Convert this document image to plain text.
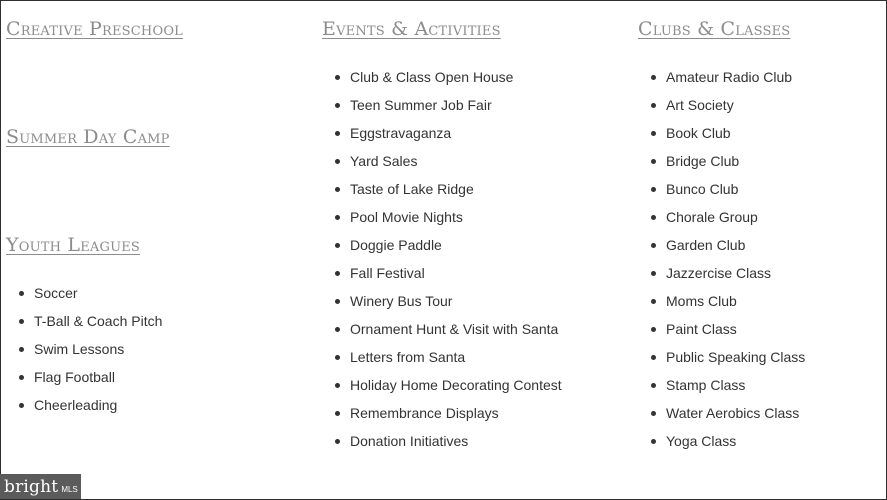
Creative Preschool
Summer Day Camp
Youth Leagues
Soccer
T-Ball & Coach Pitch
Swim Lessons
Flag Football
Cheerleading
Events & Activities
Club & Class Open House
Teen Summer Job Fair
Eggstravaganza
Yard Sales
Taste of Lake Ridge
Pool Movie Nights
Doggie Paddle
Fall Festival
Winery Bus Tour
Ornament Hunt & Visit with Santa
Letters from Santa
Holiday Home Decorating Contest
Remembrance Displays
Donation Initiatives
Clubs & Classes
Amateur Radio Club
Art Society
Book Club
Bridge Club
Bunco Club
Chorale Group
Garden Club
Jazzercise Class
Moms Club
Paint Class
Public Speaking Class
Stamp Class
Water Aerobics Class
Yoga Class
bright MLS
